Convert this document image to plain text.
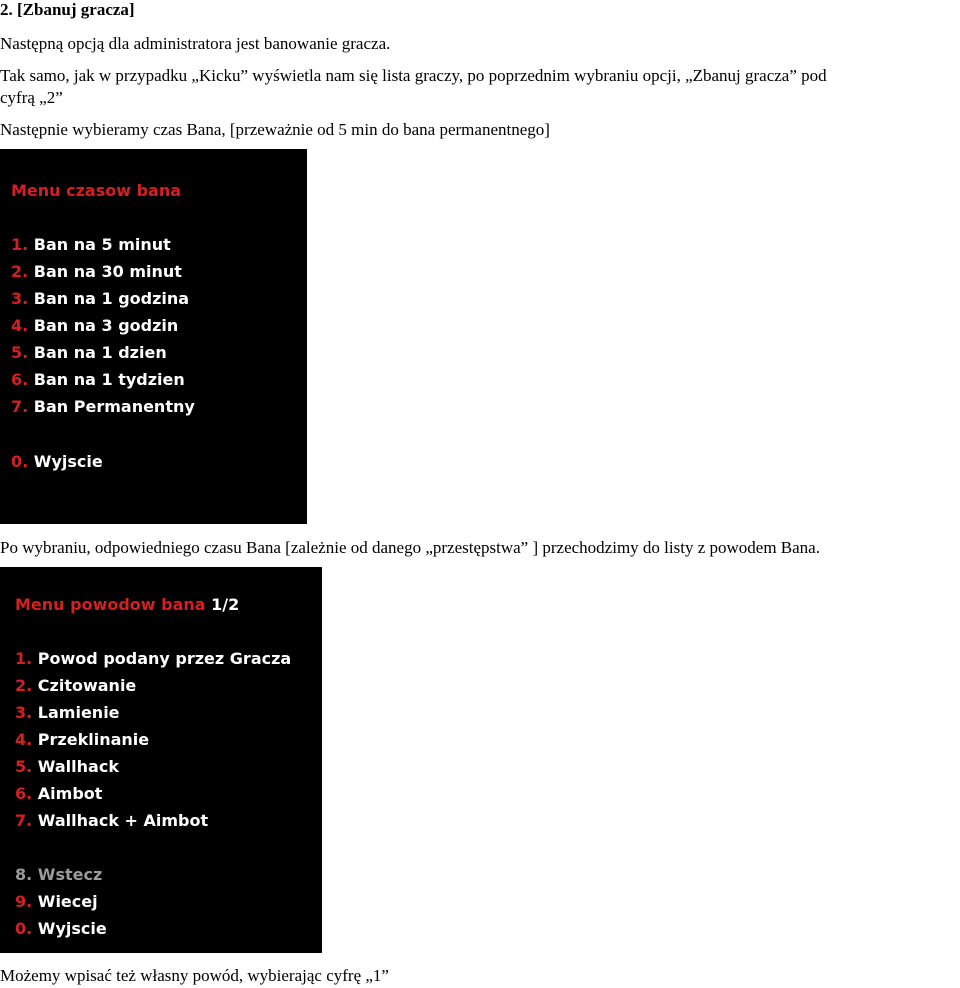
2. [Zbanuj gracza]
Następną opcją dla administratora jest banowanie gracza.
Tak samo, jak w przypadku „Kicku” wyświetla nam się lista graczy, po poprzednim wybraniu opcji, „Zbanuj gracza” pod
cyfrą „2”
Następnie wybieramy czas Bana, [przeważnie od 5 min do bana permanentnego]
Menu czasow bana
1. Ban na 5 minut
2. Ban na 30 minut
3. Ban na 1 godzina
4. Ban na 3 godzin
5. Ban na 1 dzien
6. Ban na 1 tydzien
7. Ban Permanentny
0. Wyjscie
Po wybraniu, odpowiedniego czasu Bana [zależnie od danego „przestępstwa” ] przechodzimy do listy z powodem Bana.
Menu powodow bana 1/2
1. Powod podany przez Gracza
2. Czitowanie
3. Lamienie
4. Przeklinanie
5. Wallhack
6. Aimbot
7. Wallhack + Aimbot
8. Wstecz
9. Wiecej
0. Wyjscie
Możemy wpisać też własny powód, wybierając cyfrę „1”
